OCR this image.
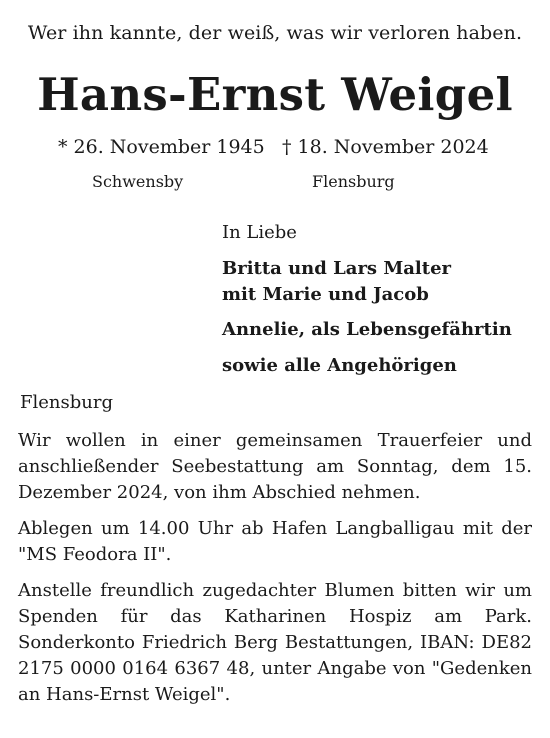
Wer ihn kannte, der weiß, was wir verloren haben.
Hans-Ernst Weigel
* 26. November 1945 † 18. November 2024
Schwensby	Flensburg
In Liebe
Britta und Lars Malter
mit Marie und Jacob
Annelie, als Lebensgefährtin
sowie alle Angehörigen
Flensburg

Wir wollen in einer gemeinsamen Trauerfeier und anschließender Seebestattung am Sonntag, dem 15. Dezember 2024, von ihm Abschied nehmen.

Ablegen um 14.00 Uhr ab Hafen Langballigau mit der "MS Feodora II".

Anstelle freundlich zugedachter Blumen bitten wir um Spenden für das Katharinen Hospiz am Park. Sonderkonto Friedrich Berg Bestattungen, IBAN: DE82 2175 0000 0164 6367 48, unter Angabe von "Gedenken an Hans-Ernst Weigel".
